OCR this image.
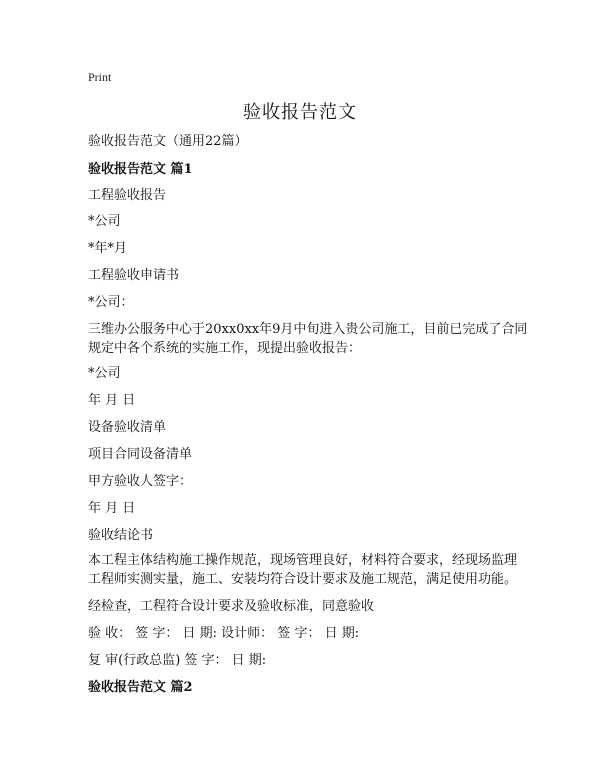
Print
验收报告范文
验收报告范文（通用22篇）
验收报告范文 篇1
工程验收报告
*公司
*年*月
工程验收申请书
*公司：
三维办公服务中心于20xx0xx年9月中旬进入贵公司施工，目前已完成了合同规定中各个系统的实施工作，现提出验收报告：
*公司
年 月 日
设备验收清单
项目合同设备清单
甲方验收人签字：
年 月 日
验收结论书
本工程主体结构施工操作规范，现场管理良好，材料符合要求，经现场监理工程师实测实量，施工、安装均符合设计要求及施工规范，满足使用功能。
经检查，工程符合设计要求及验收标准，同意验收
验 收： 签 字： 日 期: 设计师： 签 字： 日 期:
复 审(行政总监) 签 字： 日 期:
验收报告范文 篇2
